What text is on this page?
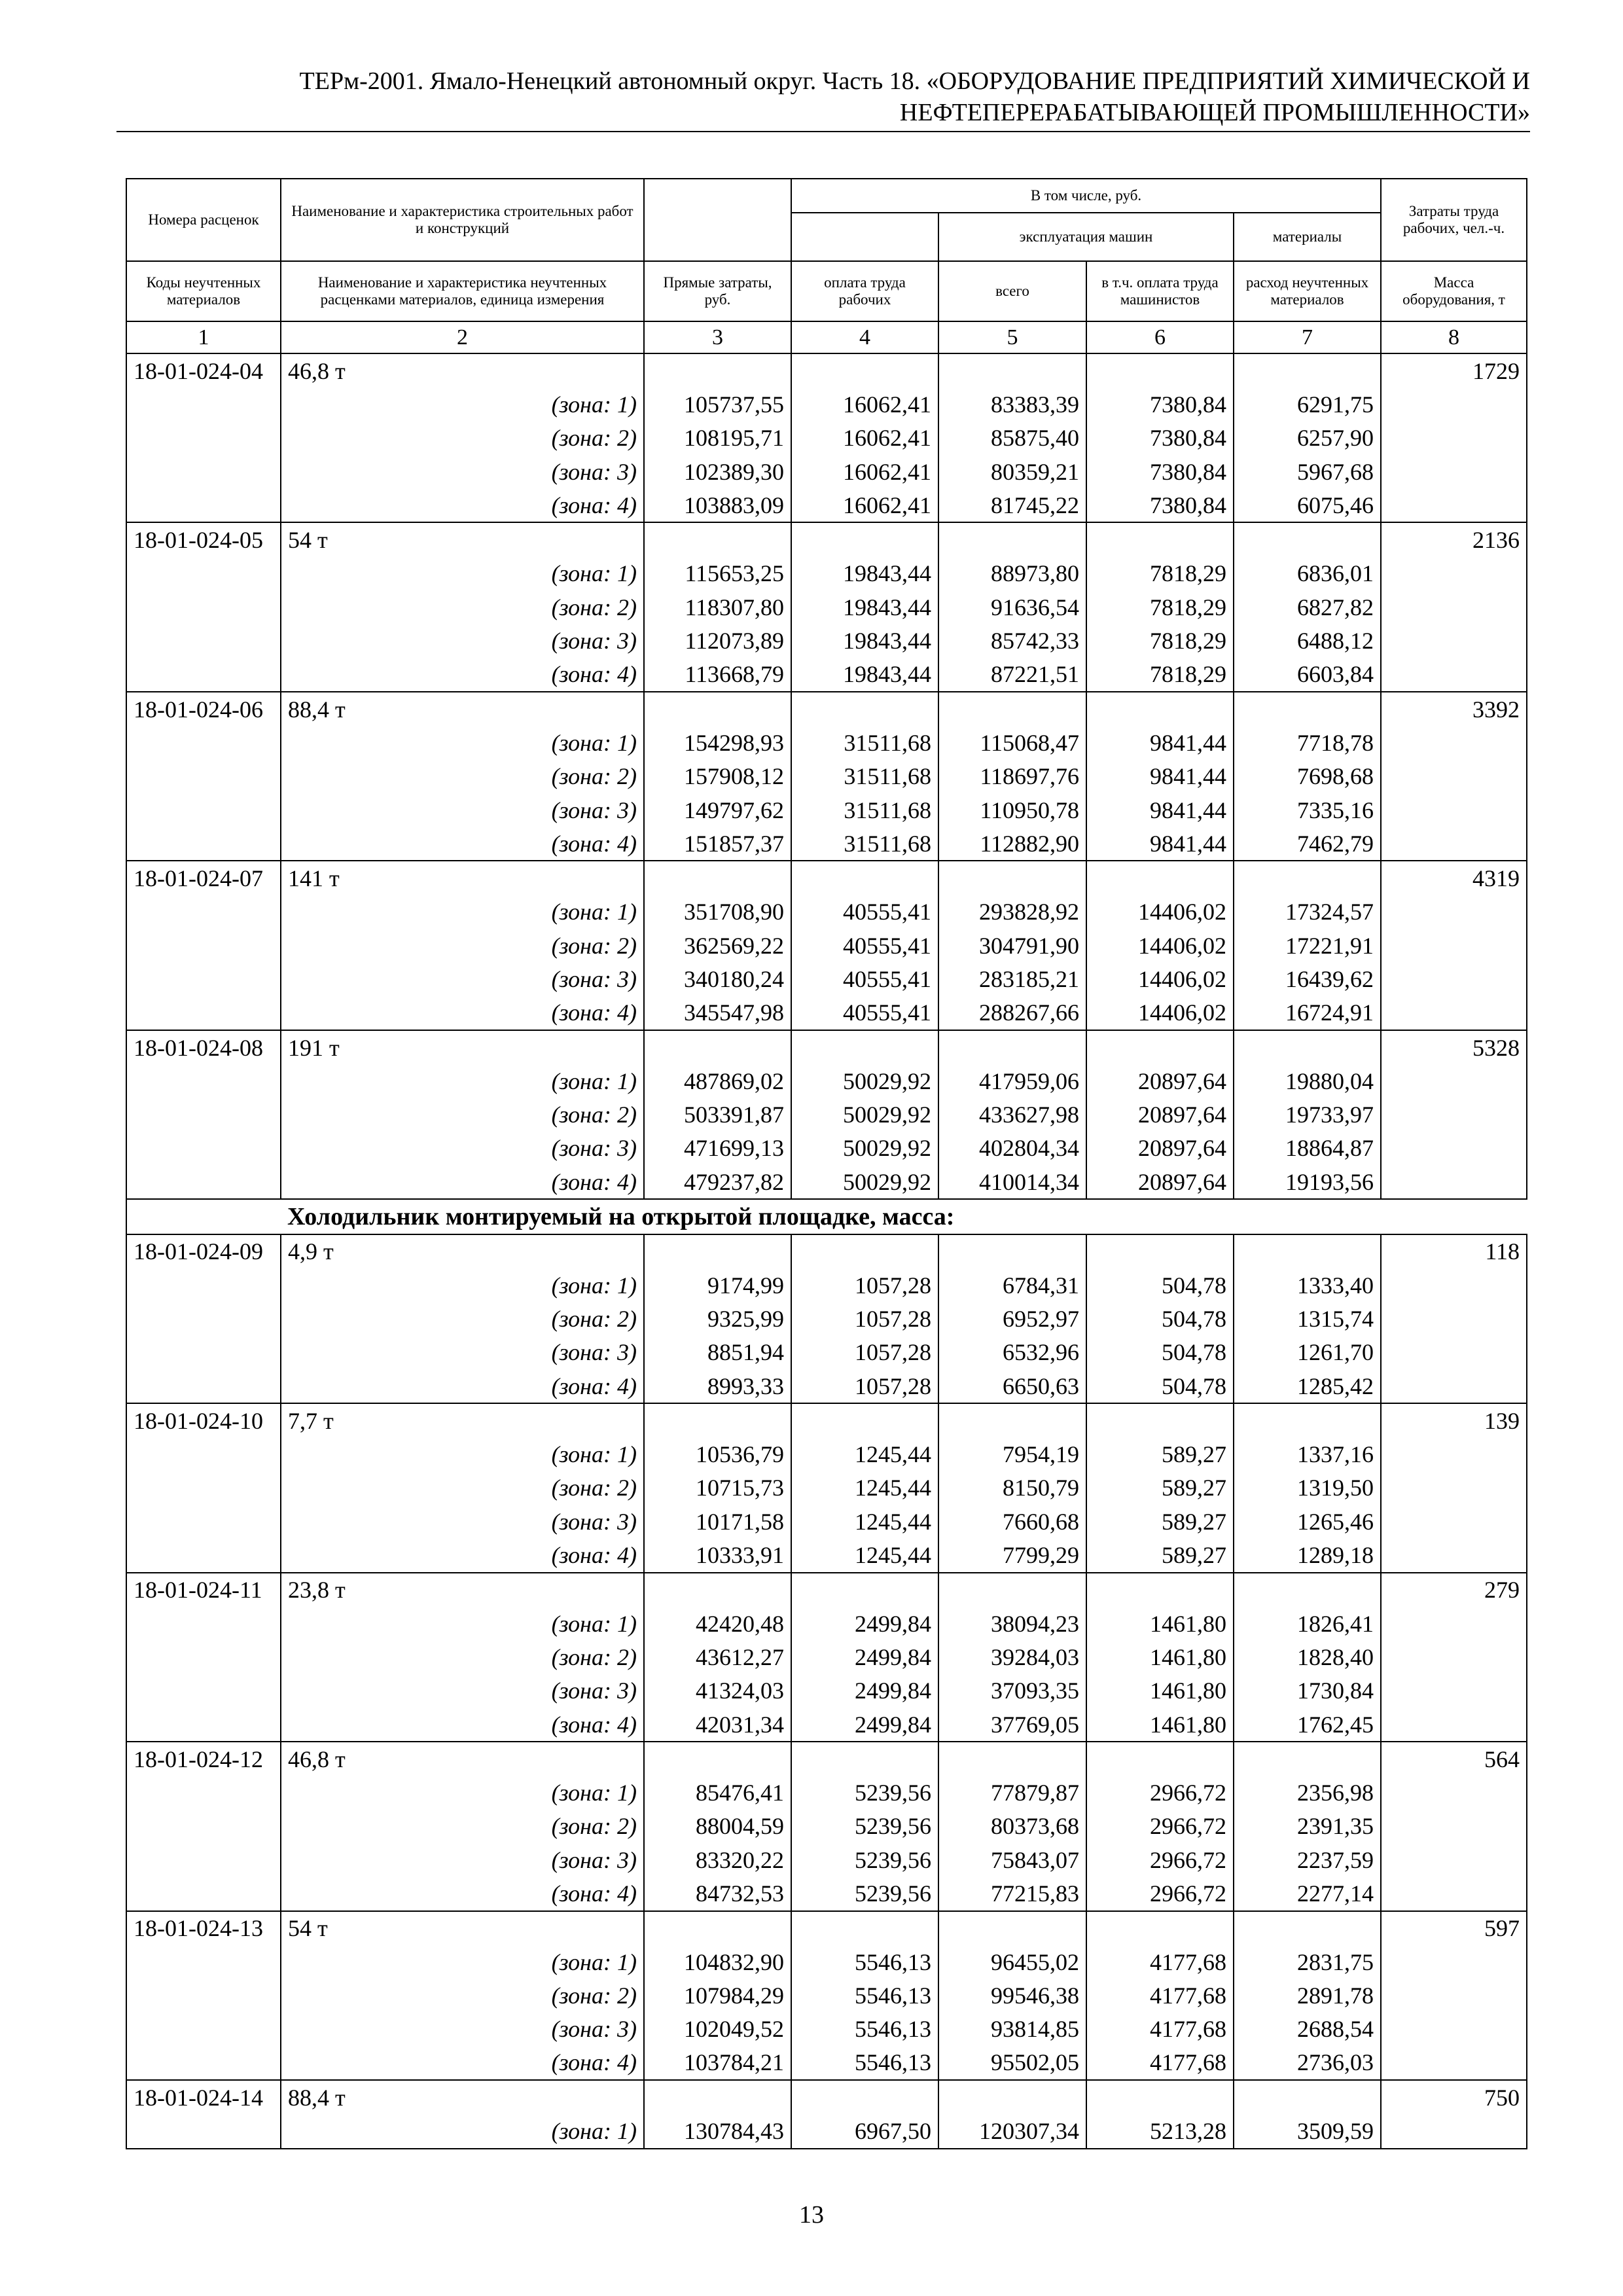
ТЕРм-2001. Ямало-Ненецкий автономный округ. Часть 18. «ОБОРУДОВАНИЕ ПРЕДПРИЯТИЙ ХИМИЧЕСКОЙ И
НЕФТЕПЕРЕРАБАТЫВАЮЩЕЙ ПРОМЫШЛЕННОСТИ»
Номера расценок	Наименование и характеристика строительных работ и конструкций		В том числе, руб.				Затраты труда рабочих, чел.-ч.
				эксплуатация машин		материалы	

Коды неучтенных материалов	Наименование и характеристика неучтенных расценками материалов, единица измерения	Прямые затраты, руб.	оплата труда рабочих	всего	в т.ч. оплата труда машинистов	расход неучтенных материалов	Масса оборудования, т
1	2	3	4	5	6	7	8
18-01-024-04	46,8 т						1729
	(зона: 1)	105737,55	16062,41	83383,39	7380,84	6291,75	
	(зона: 2)	108195,71	16062,41	85875,40	7380,84	6257,90	
	(зона: 3)	102389,30	16062,41	80359,21	7380,84	5967,68	
	(зона: 4)	103883,09	16062,41	81745,22	7380,84	6075,46	
18-01-024-05	54 т						2136
	(зона: 1)	115653,25	19843,44	88973,80	7818,29	6836,01	
	(зона: 2)	118307,80	19843,44	91636,54	7818,29	6827,82	
	(зона: 3)	112073,89	19843,44	85742,33	7818,29	6488,12	
	(зона: 4)	113668,79	19843,44	87221,51	7818,29	6603,84	
18-01-024-06	88,4 т						3392
	(зона: 1)	154298,93	31511,68	115068,47	9841,44	7718,78	
	(зона: 2)	157908,12	31511,68	118697,76	9841,44	7698,68	
	(зона: 3)	149797,62	31511,68	110950,78	9841,44	7335,16	
	(зона: 4)	151857,37	31511,68	112882,90	9841,44	7462,79	
18-01-024-07	141 т						4319
	(зона: 1)	351708,90	40555,41	293828,92	14406,02	17324,57	
	(зона: 2)	362569,22	40555,41	304791,90	14406,02	17221,91	
	(зона: 3)	340180,24	40555,41	283185,21	14406,02	16439,62	
	(зона: 4)	345547,98	40555,41	288267,66	14406,02	16724,91	
18-01-024-08	191 т						5328
	(зона: 1)	487869,02	50029,92	417959,06	20897,64	19880,04	
	(зона: 2)	503391,87	50029,92	433627,98	20897,64	19733,97	
	(зона: 3)	471699,13	50029,92	402804,34	20897,64	18864,87	
	(зона: 4)	479237,82	50029,92	410014,34	20897,64	19193,56	
	Холодильник монтируемый на открытой площадке, масса:						
18-01-024-09	4,9 т						118
	(зона: 1)	9174,99	1057,28	6784,31	504,78	1333,40	
	(зона: 2)	9325,99	1057,28	6952,97	504,78	1315,74	
	(зона: 3)	8851,94	1057,28	6532,96	504,78	1261,70	
	(зона: 4)	8993,33	1057,28	6650,63	504,78	1285,42	
18-01-024-10	7,7 т						139
	(зона: 1)	10536,79	1245,44	7954,19	589,27	1337,16	
	(зона: 2)	10715,73	1245,44	8150,79	589,27	1319,50	
	(зона: 3)	10171,58	1245,44	7660,68	589,27	1265,46	
	(зона: 4)	10333,91	1245,44	7799,29	589,27	1289,18	
18-01-024-11	23,8 т						279
	(зона: 1)	42420,48	2499,84	38094,23	1461,80	1826,41	
	(зона: 2)	43612,27	2499,84	39284,03	1461,80	1828,40	
	(зона: 3)	41324,03	2499,84	37093,35	1461,80	1730,84	
	(зона: 4)	42031,34	2499,84	37769,05	1461,80	1762,45	
18-01-024-12	46,8 т						564
	(зона: 1)	85476,41	5239,56	77879,87	2966,72	2356,98	
	(зона: 2)	88004,59	5239,56	80373,68	2966,72	2391,35	
	(зона: 3)	83320,22	5239,56	75843,07	2966,72	2237,59	
	(зона: 4)	84732,53	5239,56	77215,83	2966,72	2277,14	
18-01-024-13	54 т						597
	(зона: 1)	104832,90	5546,13	96455,02	4177,68	2831,75	
	(зона: 2)	107984,29	5546,13	99546,38	4177,68	2891,78	
	(зона: 3)	102049,52	5546,13	93814,85	4177,68	2688,54	
	(зона: 4)	103784,21	5546,13	95502,05	4177,68	2736,03	
18-01-024-14	88,4 т						750
	(зона: 1)	130784,43	6967,50	120307,34	5213,28	3509,59	
13
